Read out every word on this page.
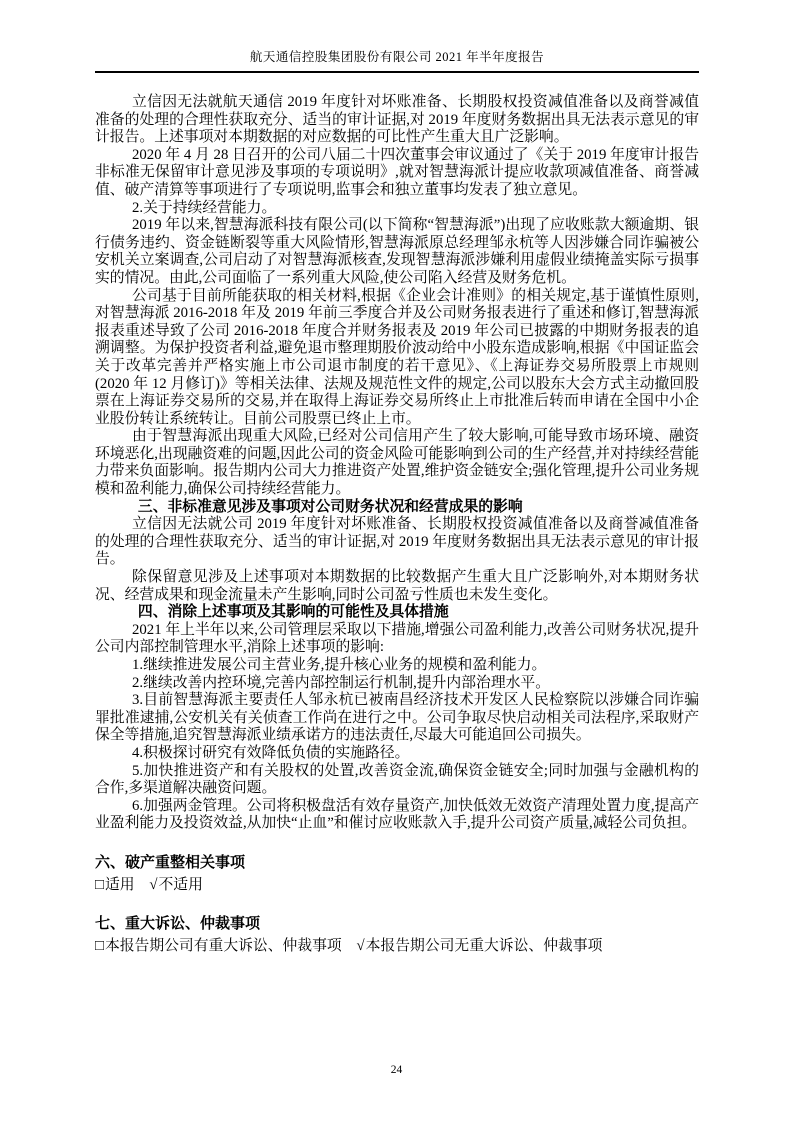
航天通信控股集团股份有限公司 2021 年半年度报告

立信因无法就航天通信 2019 年度针对坏账准备、长期股权投资减值准备以及商誉减值准备的处理的合理性获取充分、适当的审计证据,对 2019 年度财务数据出具无法表示意见的审计报告。上述事项对本期数据的对应数据的可比性产生重大且广泛影响。

2020 年 4 月 28 日召开的公司八届二十四次董事会审议通过了《关于 2019 年度审计报告非标准无保留审计意见涉及事项的专项说明》,就对智慧海派计提应收款项减值准备、商誉减值、破产清算等事项进行了专项说明,监事会和独立董事均发表了独立意见。

2.关于持续经营能力。

2019 年以来,智慧海派科技有限公司(以下简称“智慧海派”)出现了应收账款大额逾期、银行债务违约、资金链断裂等重大风险情形,智慧海派原总经理邹永杭等人因涉嫌合同诈骗被公安机关立案调查,公司启动了对智慧海派核查,发现智慧海派涉嫌利用虚假业绩掩盖实际亏损事实的情况。由此,公司面临了一系列重大风险,使公司陷入经营及财务危机。

公司基于目前所能获取的相关材料,根据《企业会计准则》的相关规定,基于谨慎性原则,对智慧海派 2016-2018 年及 2019 年前三季度合并及公司财务报表进行了重述和修订,智慧海派报表重述导致了公司 2016-2018 年度合并财务报表及 2019 年公司已披露的中期财务报表的追溯调整。为保护投资者利益,避免退市整理期股价波动给中小股东造成影响,根据《中国证监会关于改革完善并严格实施上市公司退市制度的若干意见》、《上海证券交易所股票上市规则(2020 年 12 月修订)》等相关法律、法规及规范性文件的规定,公司以股东大会方式主动撤回股票在上海证券交易所的交易,并在取得上海证券交易所终止上市批准后转而申请在全国中小企业股份转让系统转让。目前公司股票已终止上市。

由于智慧海派出现重大风险,已经对公司信用产生了较大影响,可能导致市场环境、融资环境恶化,出现融资难的问题,因此公司的资金风险可能影响到公司的生产经营,并对持续经营能力带来负面影响。报告期内公司大力推进资产处置,维护资金链安全;强化管理,提升公司业务规模和盈利能力,确保公司持续经营能力。

三、非标准意见涉及事项对公司财务状况和经营成果的影响

立信因无法就公司 2019 年度针对坏账准备、长期股权投资减值准备以及商誉减值准备的处理的合理性获取充分、适当的审计证据,对 2019 年度财务数据出具无法表示意见的审计报告。

除保留意见涉及上述事项对本期数据的比较数据产生重大且广泛影响外,对本期财务状况、经营成果和现金流量未产生影响,同时公司盈亏性质也未发生变化。

四、消除上述事项及其影响的可能性及具体措施

2021 年上半年以来,公司管理层采取以下措施,增强公司盈利能力,改善公司财务状况,提升公司内部控制管理水平,消除上述事项的影响:

1.继续推进发展公司主营业务,提升核心业务的规模和盈利能力。

2.继续改善内控环境,完善内部控制运行机制,提升内部治理水平。

3.目前智慧海派主要责任人邹永杭已被南昌经济技术开发区人民检察院以涉嫌合同诈骗罪批准逮捕,公安机关有关侦查工作尚在进行之中。公司争取尽快启动相关司法程序,采取财产保全等措施,追究智慧海派业绩承诺方的违法责任,尽最大可能追回公司损失。

4.积极探讨研究有效降低负债的实施路径。

5.加快推进资产和有关股权的处置,改善资金流,确保资金链安全;同时加强与金融机构的合作,多渠道解决融资问题。

6.加强两金管理。公司将积极盘活有效存量资产,加快低效无效资产清理处置力度,提高产业盈利能力及投资效益,从加快“止血”和催讨应收账款入手,提升公司资产质量,减轻公司负担。

六、破产重整相关事项
□适用 √不适用
七、重大诉讼、仲裁事项
□本报告期公司有重大诉讼、仲裁事项 √本报告期公司无重大诉讼、仲裁事项
24
